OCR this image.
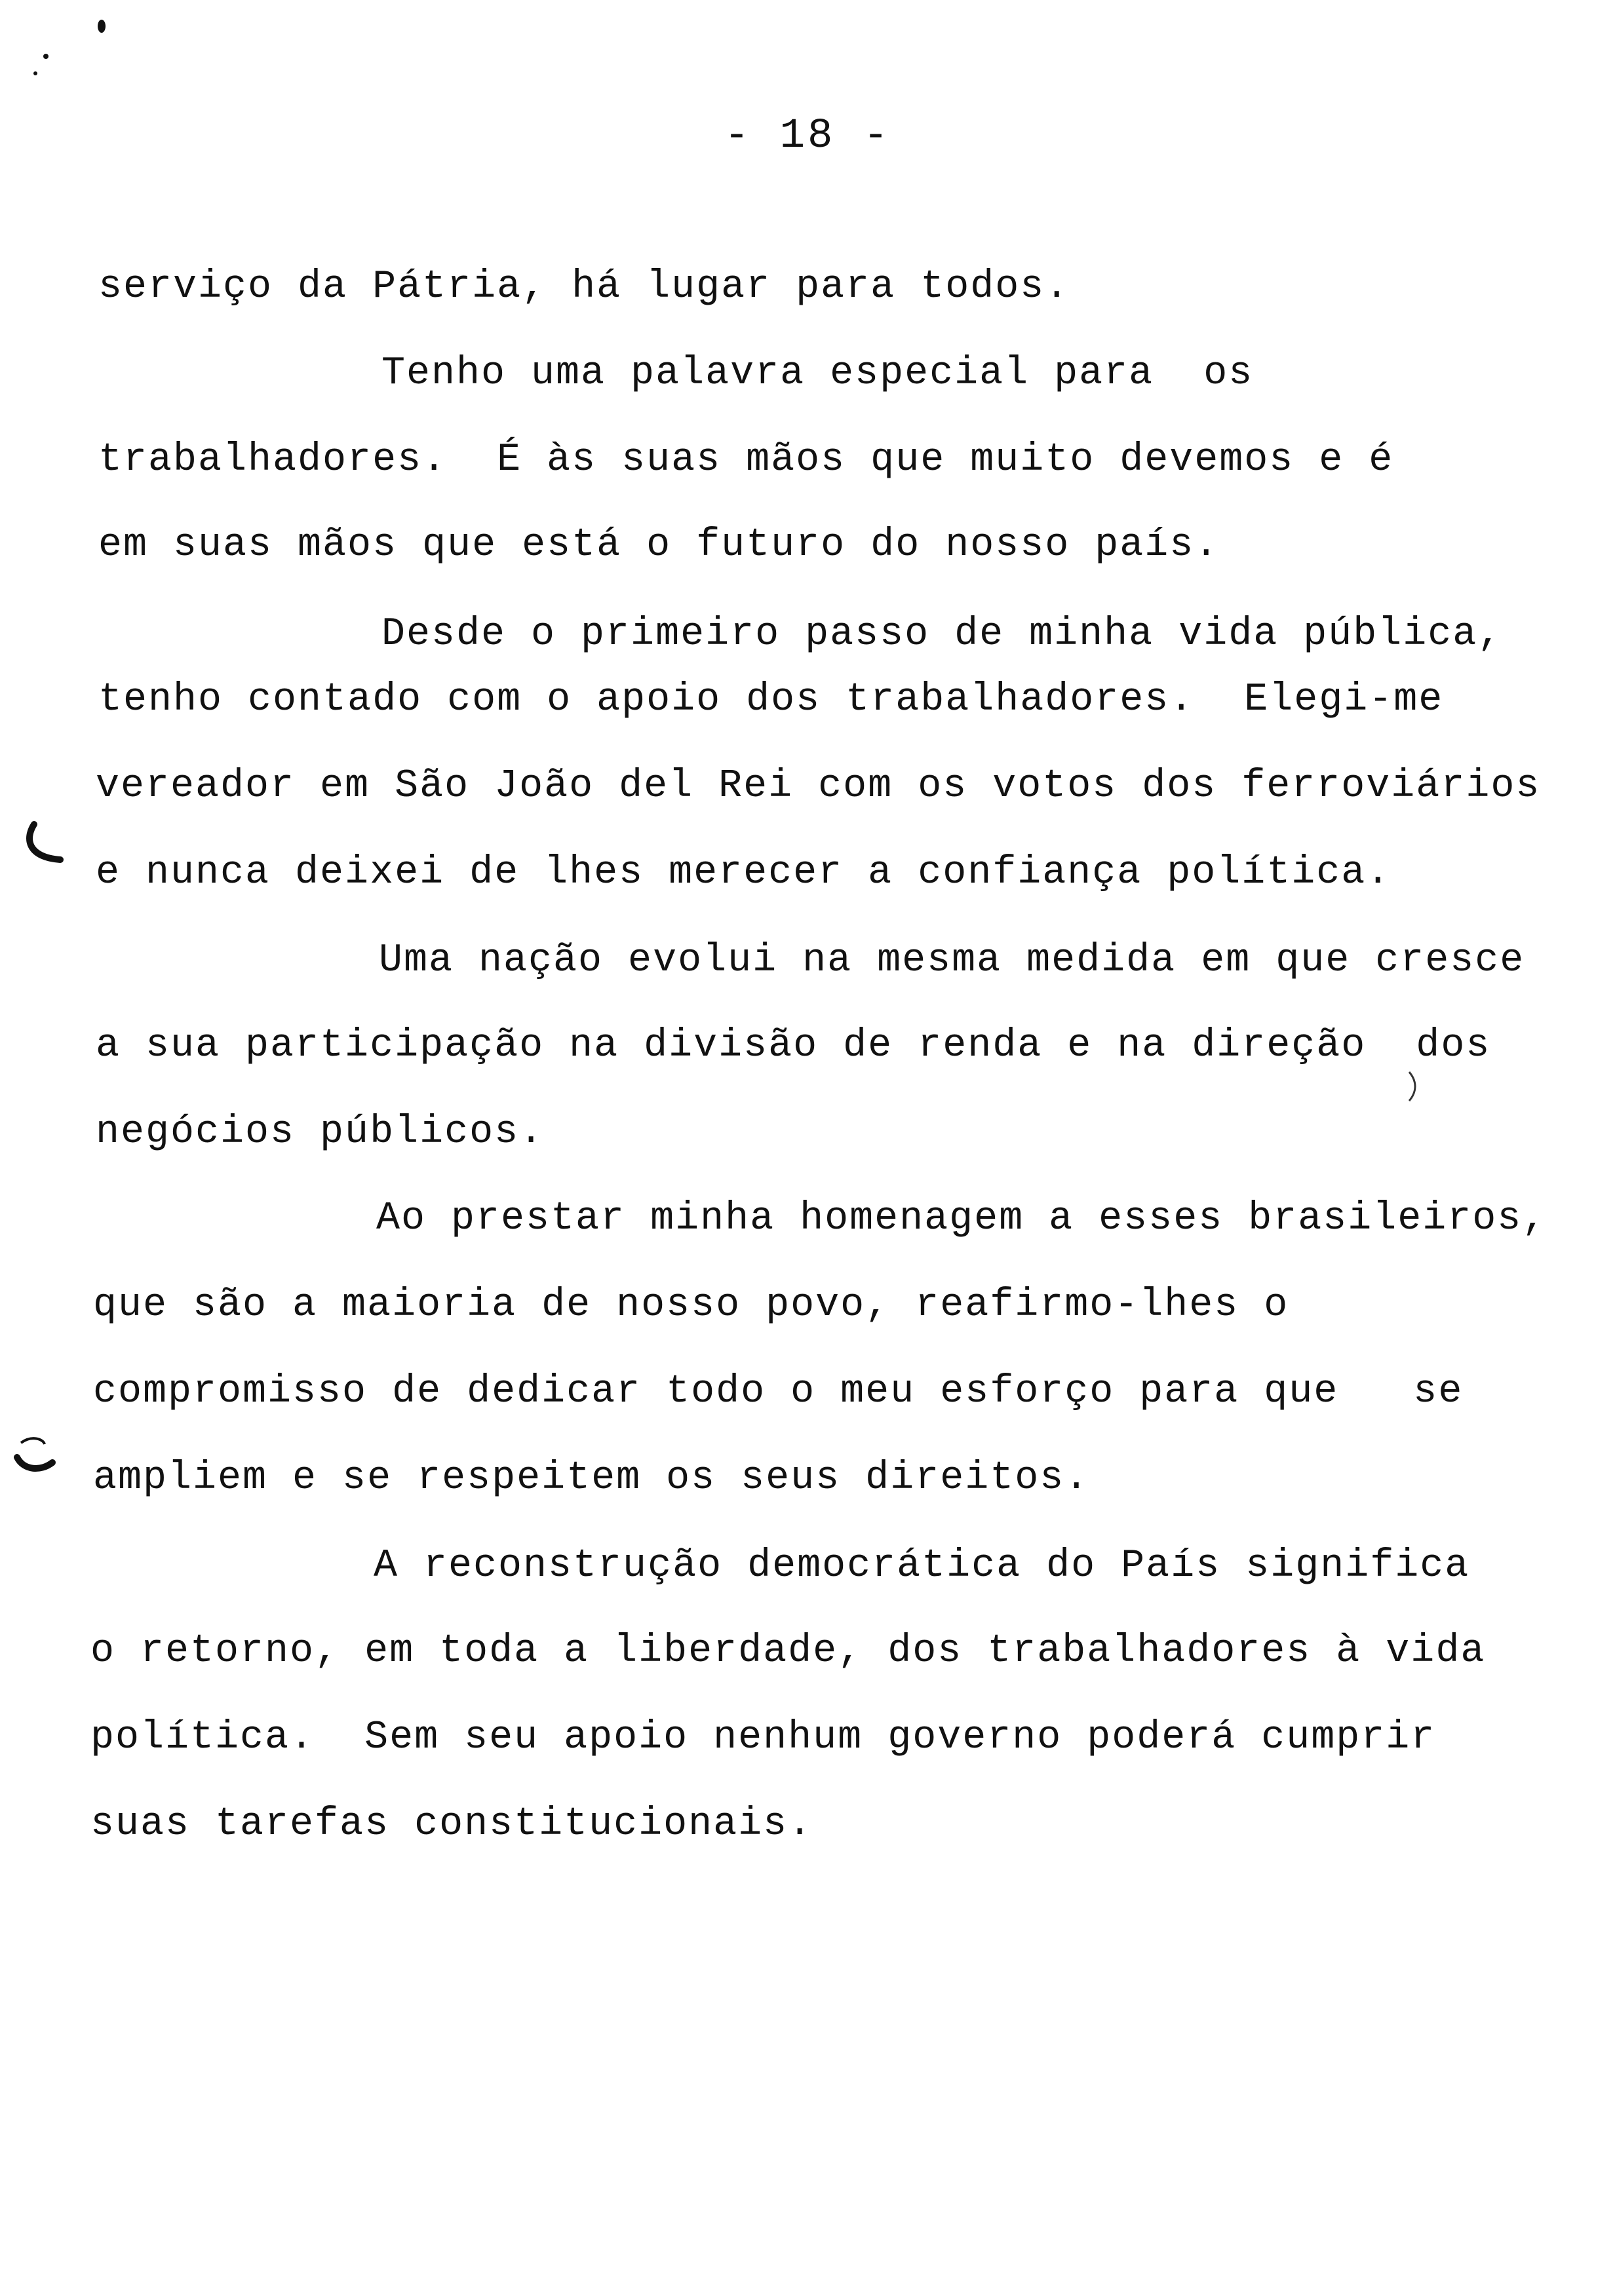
- 18 -
serviço da Pátria, há lugar para todos.
Tenho uma palavra especial para  os
trabalhadores.  É às suas mãos que muito devemos e é
em suas mãos que está o futuro do nosso país.
Desde o primeiro passo de minha vida pública,
tenho contado com o apoio dos trabalhadores.  Elegi-me
vereador em São João del Rei com os votos dos ferroviários
e nunca deixei de lhes merecer a confiança política.
Uma nação evolui na mesma medida em que cresce
a sua participação na divisão de renda e na direção  dos
negócios públicos.
Ao prestar minha homenagem a esses brasileiros,
que são a maioria de nosso povo, reafirmo-lhes o
compromisso de dedicar todo o meu esforço para que   se
ampliem e se respeitem os seus direitos.
A reconstrução democrática do País significa
o retorno, em toda a liberdade, dos trabalhadores à vida
política.  Sem seu apoio nenhum governo poderá cumprir
suas tarefas constitucionais.
